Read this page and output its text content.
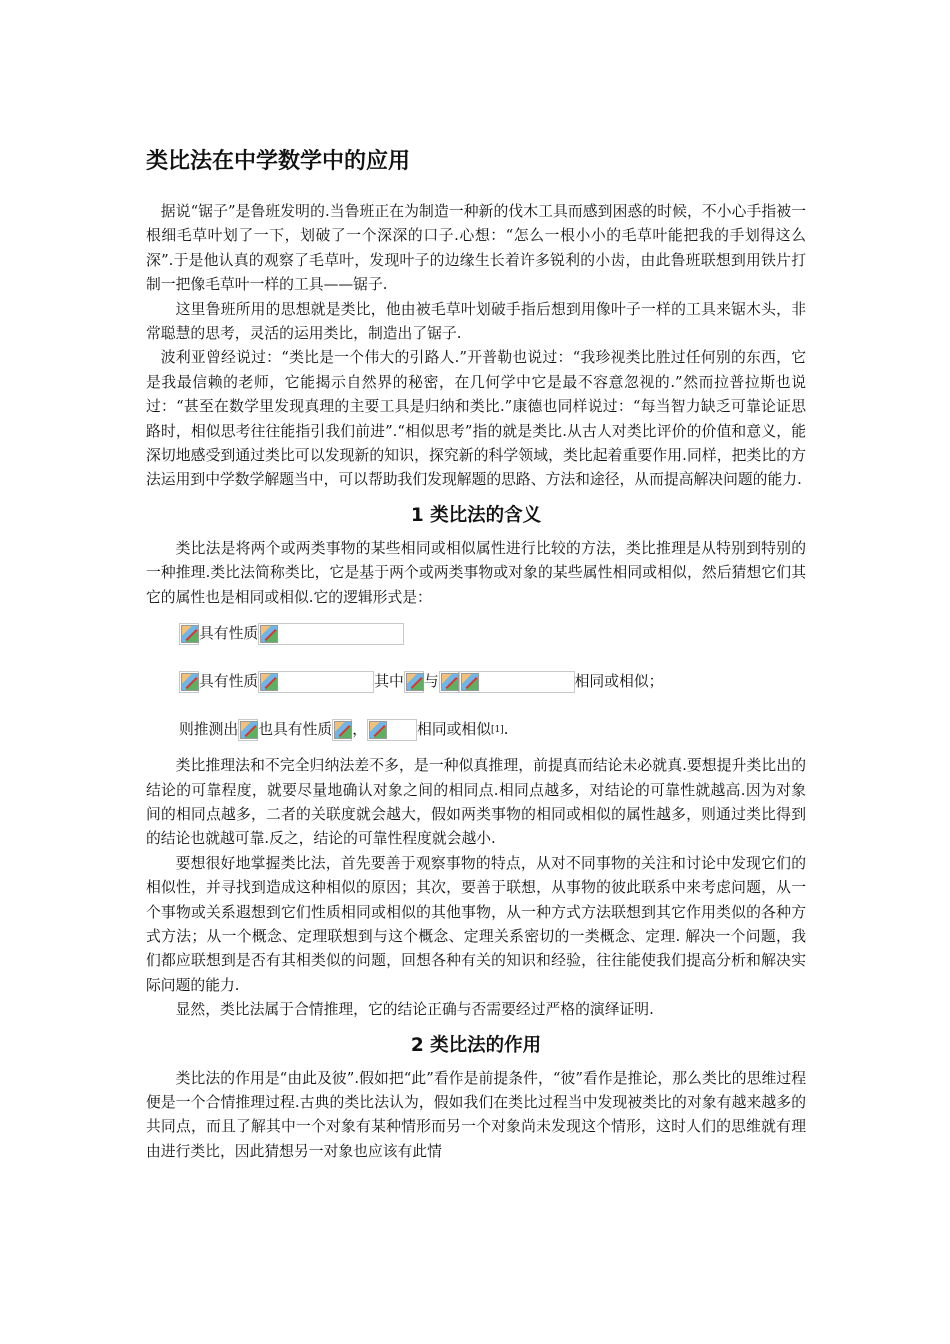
类比法在中学数学中的应用

据说“锯子”是鲁班发明的.当鲁班正在为制造一种新的伐木工具而感到困惑的时候，不小心手指被一根细毛草叶划了一下，划破了一个深深的口子.心想：“怎么一根小小的毛草叶能把我的手划得这么深”.于是他认真的观察了毛草叶，发现叶子的边缘生长着许多锐利的小齿，由此鲁班联想到用铁片打制一把像毛草叶一样的工具——锯子.

这里鲁班所用的思想就是类比，他由被毛草叶划破手指后想到用像叶子一样的工具来锯木头，非常聪慧的思考，灵活的运用类比，制造出了锯子.

波利亚曾经说过：“类比是一个伟大的引路人.”开普勒也说过：“我珍视类比胜过任何别的东西，它是我最信赖的老师，它能揭示自然界的秘密，在几何学中它是最不容意忽视的.”然而拉普拉斯也说过：“甚至在数学里发现真理的主要工具是归纳和类比.”康德也同样说过：“每当智力缺乏可靠论证思路时，相似思考往往能指引我们前进”.“相似思考”指的就是类比.从古人对类比评价的价值和意义，能深切地感受到通过类比可以发现新的知识，探究新的科学领域，类比起着重要作用.同样，把类比的方法运用到中学数学解题当中，可以帮助我们发现解题的思路、方法和途径，从而提高解决问题的能力.

1 类比法的含义

类比法是将两个或两类事物的某些相同或相似属性进行比较的方法，类比推理是从特别到特别的一种推理.类比法简称类比，它是基于两个或两类事物或对象的某些属性相同或相似，然后猜想它们其它的属性也是相同或相似.它的逻辑形式是：

具有性质
具有性质	其中 与	相同或相似；
则推测出 也具有性质 ，	相同或相似 [1] .

类比推理法和不完全归纳法差不多，是一种似真推理，前提真而结论未必就真.要想提升类比出的结论的可靠程度，就要尽量地确认对象之间的相同点.相同点越多，对结论的可靠性就越高.因为对象间的相同点越多，二者的关联度就会越大，假如两类事物的相同或相似的属性越多，则通过类比得到的结论也就越可靠.反之，结论的可靠性程度就会越小.

要想很好地掌握类比法，首先要善于观察事物的特点，从对不同事物的关注和讨论中发现它们的相似性，并寻找到造成这种相似的原因；其次，要善于联想，从事物的彼此联系中来考虑问题，从一个事物或关系遐想到它们性质相同或相似的其他事物，从一种方式方法联想到其它作用类似的各种方式方法；从一个概念、定理联想到与这个概念、定理关系密切的一类概念、定理. 解决一个问题，我们都应联想到是否有其相类似的问题，回想各种有关的知识和经验，往往能使我们提高分析和解决实际问题的能力.

显然，类比法属于合情推理，它的结论正确与否需要经过严格的演绎证明.

2 类比法的作用

类比法的作用是“由此及彼”.假如把“此”看作是前提条件，“彼”看作是推论，那么类比的思维过程便是一个合情推理过程.古典的类比法认为，假如我们在类比过程当中发现被类比的对象有越来越多的共同点，而且了解其中一个对象有某种情形而另一个对象尚未发现这个情形，这时人们的思维就有理由进行类比，因此猜想另一对象也应该有此情
